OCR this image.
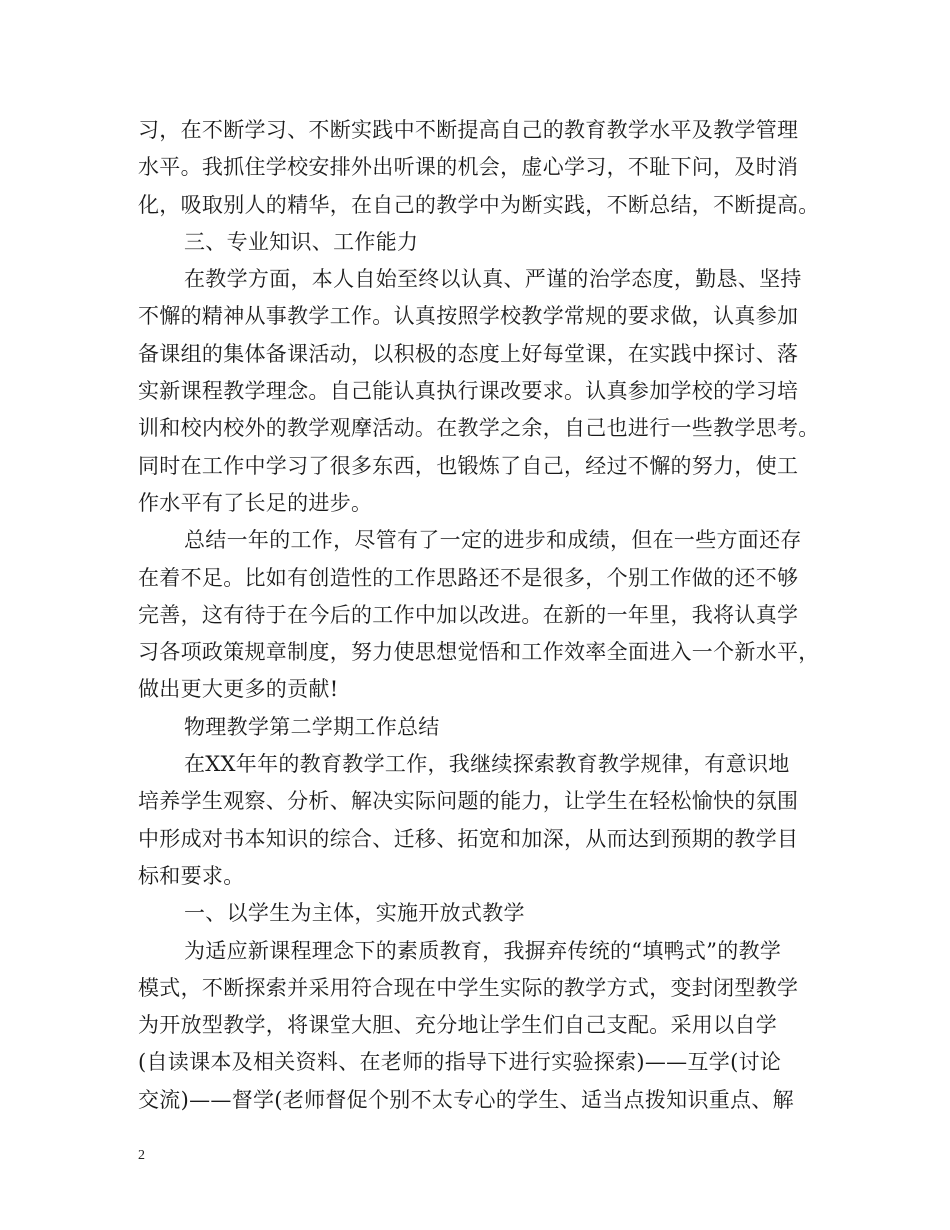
习，在不断学习、不断实践中不断提高自己的教育教学水平及教学管理
水平。我抓住学校安排外出听课的机会，虚心学习，不耻下问，及时消
化，吸取别人的精华，在自己的教学中为断实践，不断总结，不断提高。
三、专业知识、工作能力
在教学方面，本人自始至终以认真、严谨的治学态度，勤恳、坚持
不懈的精神从事教学工作。认真按照学校教学常规的要求做，认真参加
备课组的集体备课活动，以积极的态度上好每堂课，在实践中探讨、落
实新课程教学理念。自己能认真执行课改要求。认真参加学校的学习培
训和校内校外的教学观摩活动。在教学之余，自己也进行一些教学思考。
同时在工作中学习了很多东西，也锻炼了自己，经过不懈的努力，使工
作水平有了长足的进步。
总结一年的工作，尽管有了一定的进步和成绩，但在一些方面还存
在着不足。比如有创造性的工作思路还不是很多，个别工作做的还不够
完善，这有待于在今后的工作中加以改进。在新的一年里，我将认真学
习各项政策规章制度，努力使思想觉悟和工作效率全面进入一个新水平，
做出更大更多的贡献!
物理教学第二学期工作总结
在XX年年的教育教学工作，我继续探索教育教学规律，有意识地
培养学生观察、分析、解决实际问题的能力，让学生在轻松愉快的氛围
中形成对书本知识的综合、迁移、拓宽和加深，从而达到预期的教学目
标和要求。
一、以学生为主体，实施开放式教学
为适应新课程理念下的素质教育，我摒弃传统的“填鸭式”的教学
模式，不断探索并采用符合现在中学生实际的教学方式，变封闭型教学
为开放型教学，将课堂大胆、充分地让学生们自己支配。采用以自学
(自读课本及相关资料、在老师的指导下进行实验探索)——互学(讨论
交流)——督学(老师督促个别不太专心的学生、适当点拨知识重点、解
2
